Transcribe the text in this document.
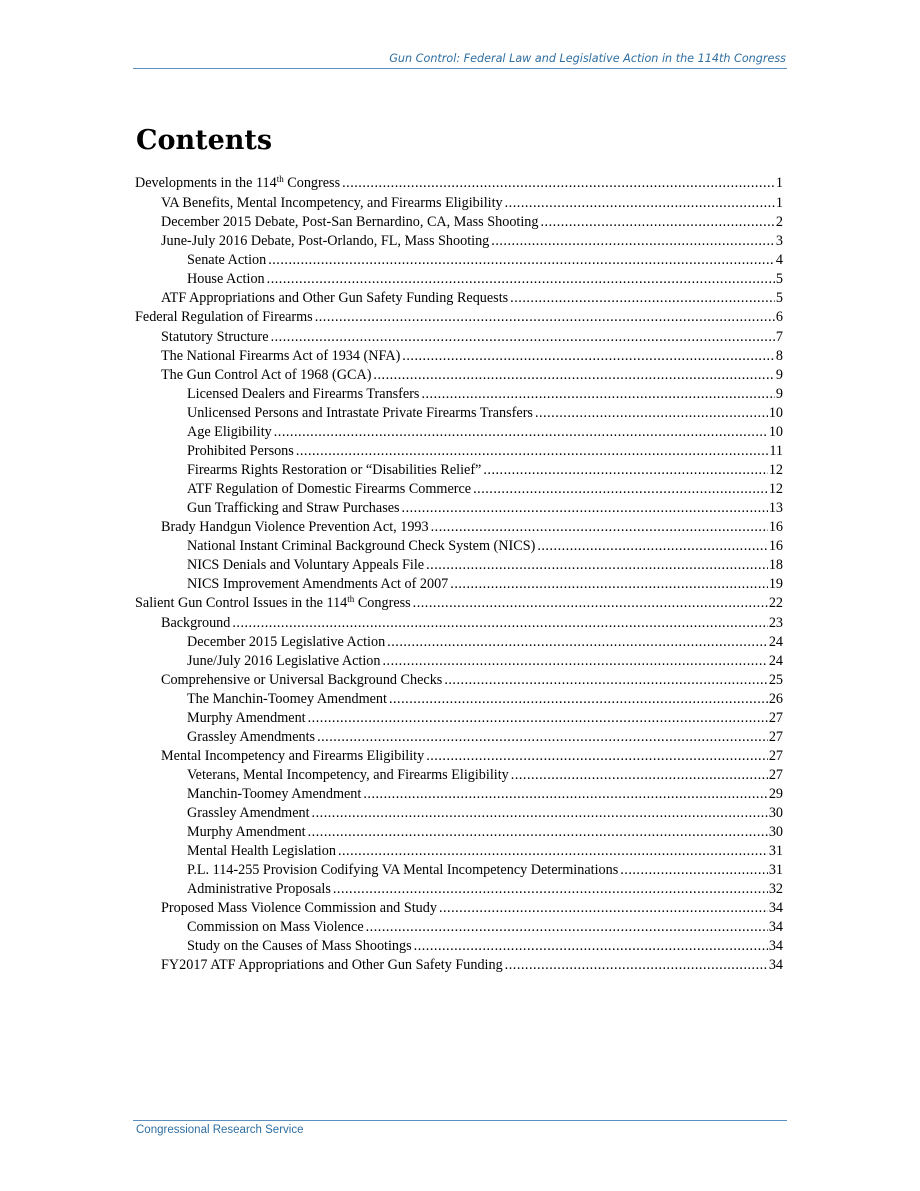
Gun Control: Federal Law and Legislative Action in the 114th Congress
Contents
Developments in the 114th Congress .....	1
VA Benefits, Mental Incompetency, and Firearms Eligibility .....	1
December 2015 Debate, Post-San Bernardino, CA, Mass Shooting .....	2
June-July 2016 Debate, Post-Orlando, FL, Mass Shooting .....	3
Senate Action .....	4
House Action .....	5
ATF Appropriations and Other Gun Safety Funding Requests .....	5
Federal Regulation of Firearms .....	6
Statutory Structure .....	7
The National Firearms Act of 1934 (NFA) .....	8
The Gun Control Act of 1968 (GCA) .....	9
Licensed Dealers and Firearms Transfers .....	9
Unlicensed Persons and Intrastate Private Firearms Transfers .....	10
Age Eligibility .....	10
Prohibited Persons .....	11
Firearms Rights Restoration or “Disabilities Relief” .....	12
ATF Regulation of Domestic Firearms Commerce .....	12
Gun Trafficking and Straw Purchases .....	13
Brady Handgun Violence Prevention Act, 1993 .....	16
National Instant Criminal Background Check System (NICS) .....	16
NICS Denials and Voluntary Appeals File .....	18
NICS Improvement Amendments Act of 2007 .....	19
Salient Gun Control Issues in the 114th Congress .....	22
Background .....	23
December 2015 Legislative Action .....	24
June/July 2016 Legislative Action .....	24
Comprehensive or Universal Background Checks .....	25
The Manchin-Toomey Amendment .....	26
Murphy Amendment .....	27
Grassley Amendments .....	27
Mental Incompetency and Firearms Eligibility .....	27
Veterans, Mental Incompetency, and Firearms Eligibility .....	27
Manchin-Toomey Amendment .....	29
Grassley Amendment .....	30
Murphy Amendment .....	30
Mental Health Legislation .....	31
P.L. 114-255 Provision Codifying VA Mental Incompetency Determinations .....	31
Administrative Proposals .....	32
Proposed Mass Violence Commission and Study .....	34
Commission on Mass Violence .....	34
Study on the Causes of Mass Shootings .....	34
FY2017 ATF Appropriations and Other Gun Safety Funding .....	34
Congressional Research Service
